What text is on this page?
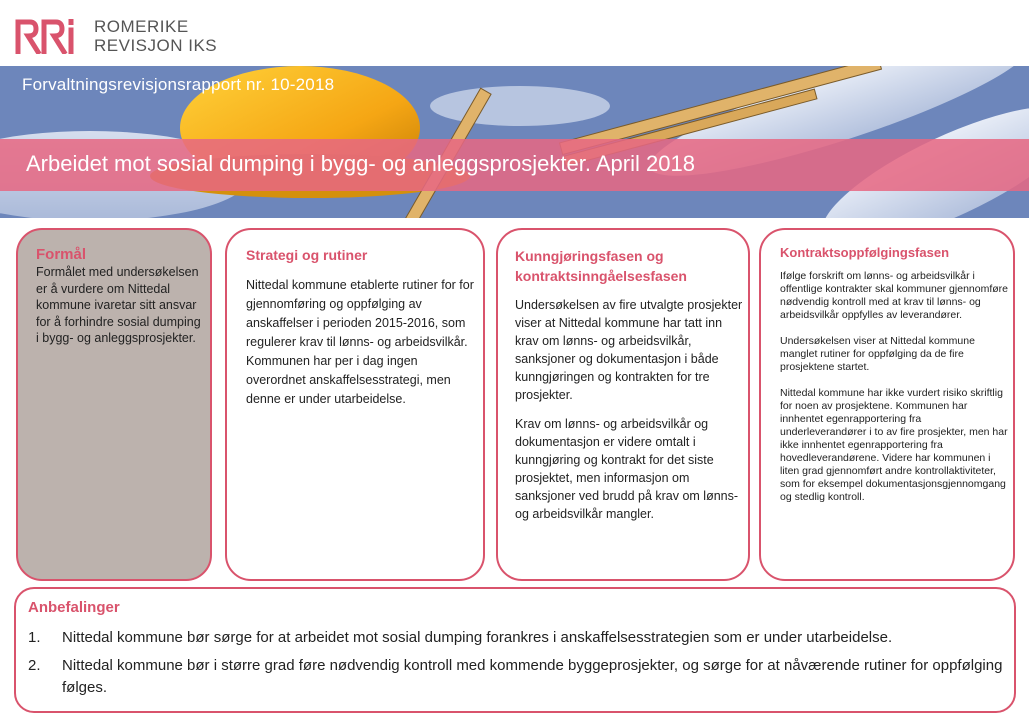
ROMERIKE
REVISJON IKS
Forvaltningsrevisjonsrapport nr. 10-2018
Arbeidet mot sosial dumping i bygg- og anleggsprosjekter. April 2018
Formål
Formålet med undersøkelsen er å vurdere om Nittedal kommune ivaretar sitt ansvar for å forhindre sosial dumping i bygg- og anleggsprosjekter.
Strategi og rutiner
Nittedal kommune etablerte rutiner for for gjennomføring og oppfølging av anskaffelser i perioden 2015-2016, som regulerer krav til lønns- og arbeidsvilkår. Kommunen har per i dag ingen overordnet anskaffelsesstrategi, men denne er under utarbeidelse.
Kunngjøringsfasen og kontraktsinngåelsesfasen

Undersøkelsen av fire utvalgte prosjekter viser at Nittedal kommune har tatt inn krav om lønns- og arbeidsvilkår, sanksjoner og dokumentasjon i både kunngjøringen og kontrakten for tre prosjekter.

Krav om lønns- og arbeidsvilkår og dokumentasjon er videre omtalt i kunngjøring og kontrakt for det siste prosjektet, men informasjon om sanksjoner ved brudd på krav om lønns- og arbeidsvilkår mangler.

Kontraktsoppfølgingsfasen

Ifølge forskrift om lønns- og arbeidsvilkår i offentlige kontrakter skal kommuner gjennomføre nødvendig kontroll med at krav til lønns- og arbeidsvilkår oppfylles av leverandører.

Undersøkelsen viser at Nittedal kommune manglet rutiner for oppfølging da de fire prosjektene startet.

Nittedal kommune har ikke vurdert risiko skriftlig for noen av prosjektene. Kommunen har innhentet egenrapportering fra underleverandører i to av fire prosjekter, men har ikke innhentet egenrapportering fra hovedleverandørene. Videre har kommunen i liten grad gjennomført andre kontrollaktiviteter, som for eksempel dokumentasjonsgjennomgang og stedlig kontroll.

Anbefalinger
1. Nittedal kommune bør sørge for at arbeidet mot sosial dumping forankres i anskaffelsesstrategien som er under utarbeidelse.
2. Nittedal kommune bør i større grad føre nødvendig kontroll med kommende byggeprosjekter, og sørge for at nåværende rutiner for oppfølging følges.
